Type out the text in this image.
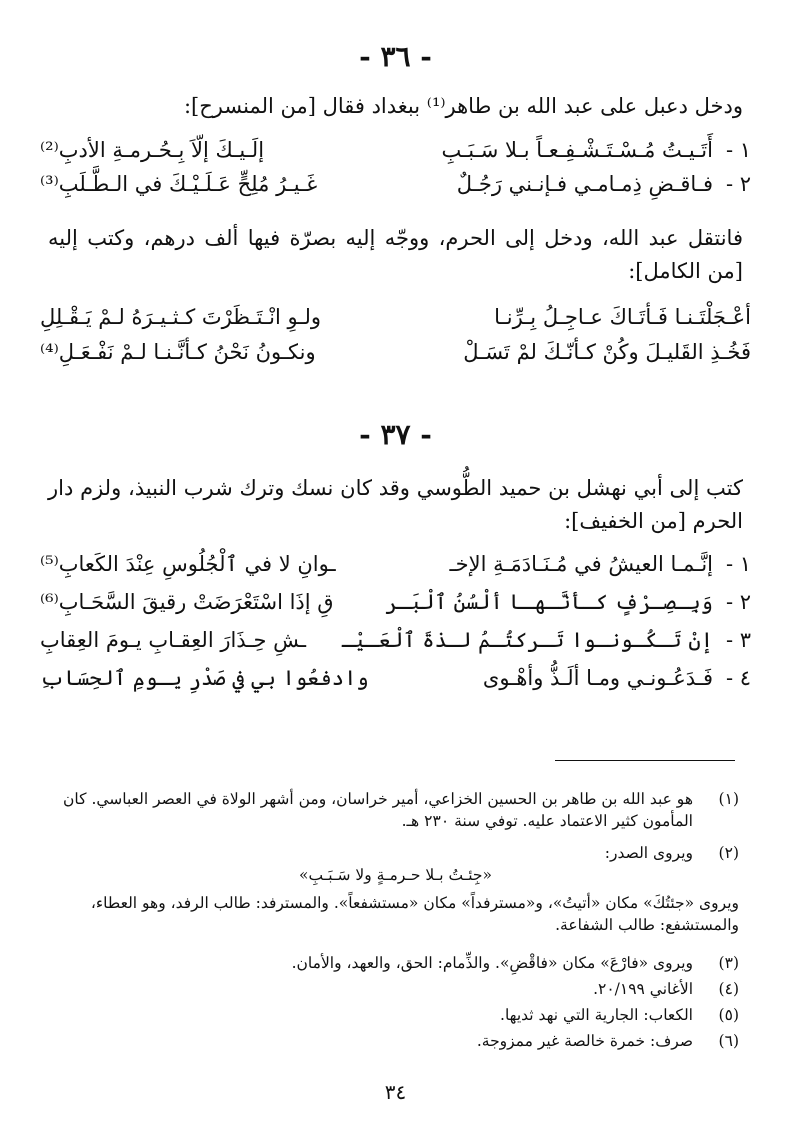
- ٣٦ -
ودخل دعبل على عبد الله بن طاهر⁽¹⁾ ببغداد فقال [من المنسرح]:
١ -
أَتَـيـتُ مُـسْـتَـشْـفِـعـاً بـلا سَـبَـبِ
إلَـيـكَ إلّاَ بِـحُـرمـةِ الأدبِ⁽²⁾
٢ -
فـاقـضِ ذِمـامـي فـإنـني رَجُـلٌ
غَـيـرُ مُلِحٍّ عَـلَـيْـكَ في الـطَّـلَبِ⁽³⁾
فانتقل عبد الله، ودخل إلى الحرم، ووجّه إليه بصرّة فيها ألف درهم، وكتب إليه [من الكامل]:
أعْـجَلْتَـنـا فَـأتَـاكَ عـاجِـلُ بِـرِّنـا
ولـوِ انْـتَـظَرْتَ كـثـيـرَهُ لـمْ يَـقْـلِلِ
فَخُـذِ القَليـلَ وكُنْ كـأنّـكَ لمْ تَسَـلْ
ونكـونُ نَحْنُ كـأنَّـنـا لـمْ نَفْـعَـلِ⁽⁴⁾
- ٣٧ -
كتب إلى أبي نهشل بن حميد الطُّوسي وقد كان نسك وترك شرب النبيذ، ولزم دار الحرم [من الخفيف]:
١ -
إنَّـمـا العيشُ في مُـنَـادَمَـةِ الإخـ
ـوانِ لا في ٱلْجُلُوسِ عِنْدَ الكَعابِ⁽⁵⁾
٢ -
وَبِـصِـرْفٍ كـأنَّـهـا ألْسُنُ ٱلْبَـر
قِ إذَا اسْتَعْرَضَتْ رقيقَ السَّحَـابِ⁽⁶⁾
٣ -
إنْ تَـكُـونـوا تَـركتُـمُ لـذةَ ٱلْعَـيْـ
ـشِ حِـذَارَ العِقـابِ يـومَ العِقابِ
٤ -
فَـدَعُـونـي ومـا ألَـذُّ وأهْـوى
وادفعُوا بي في صَدْرِ يـومِ ٱلحِسَابِ
(١)
هو عبد الله بن طاهر بن الحسين الخزاعي، أمير خراسان، ومن أشهر الولاة في العصر العباسي. كان المأمون كثير الاعتماد عليه. توفي سنة ٢٣٠ هـ.
(٢)
ويروى الصدر:
«جِئـتُ بـلا حـرمـةٍ ولا سَـبَـبِ»
ويروى «جئتُكَ» مكان «أتيتُ»، و«مسترفداً» مكان «مستشفعاً». والمسترفد: طالب الرفد، وهو العطاء، والمستشفع: طالب الشفاعة.
(٣)
ويروى «فارْعَ» مكان «فاقْضِ». والذِّمام: الحق، والعهد، والأمان.
(٤)
الأغاني ٢٠/١٩٩.
(٥)
الكعاب: الجارية التي نهد ثديها.
(٦)
صرف: خمرة خالصة غير ممزوجة.
٣٤
